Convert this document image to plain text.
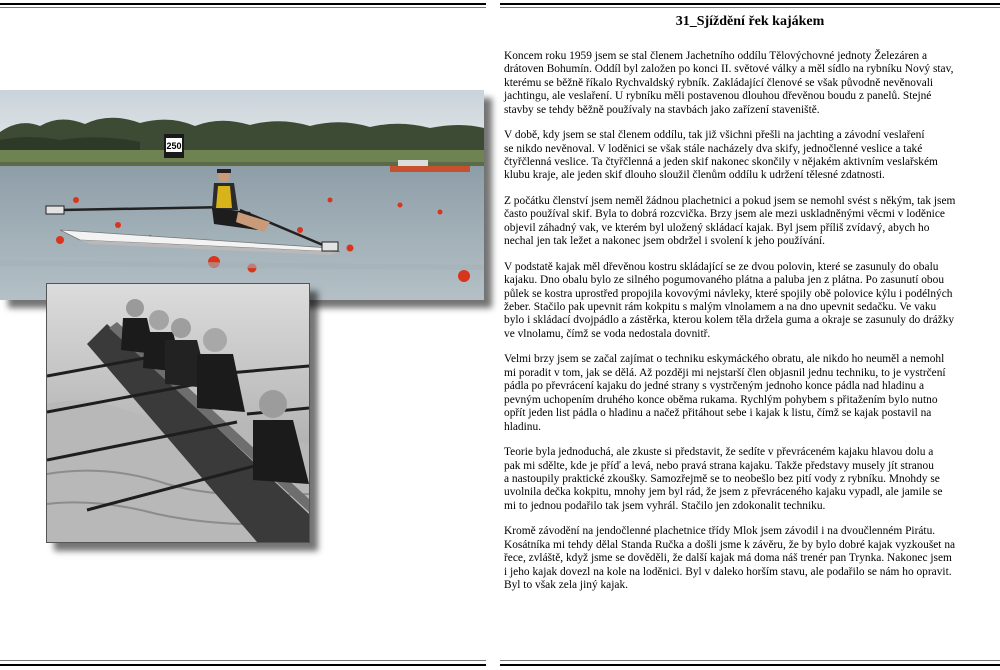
250
31_Sjíždění řek kajákem

Koncem roku 1959 jsem se stal členem Jachetního oddílu Tělovýchovné jednoty Železáren a
drátoven Bohumín. Oddíl byl založen po konci II. světové války a měl sídlo na rybníku Nový stav,
kterému se běžně říkalo Rychvaldský rybník. Zakládající členové se však původně nevěnovali
jachtingu, ale veslaření. U rybníku měli postavenou dlouhou dřevěnou boudu z panelů. Stejné
stavby se tehdy běžně používaly na stavbách jako zařízení staveniště.

V době, kdy jsem se stal členem oddílu, tak již všichni přešli na jachting a závodní veslaření
se nikdo nevěnoval. V loděnici se však stále nacházely dva skify, jednočlenné veslice a také
čtyřčlenná veslice. Ta čtyřčlenná a jeden skif nakonec skončily v nějakém aktivním veslařském
klubu kraje, ale jeden skif dlouho sloužil členům oddílu k udržení tělesné zdatnosti.

Z počátku členství jsem neměl žádnou plachetnici a pokud jsem se nemohl svést s někým, tak jsem
často používal skif. Byla to dobrá rozcvička. Brzy jsem ale mezi uskladněnými věcmi v loděnice
objevil záhadný vak, ve kterém byl uložený skládací kajak. Byl jsem příliš zvídavý, abych ho
nechal jen tak ležet a nakonec jsem obdržel i svolení k jeho používání.

V podstatě kajak měl dřevěnou kostru skládající se ze dvou polovin, které se zasunuly do obalu
kajaku. Dno obalu bylo ze silného pogumovaného plátna a paluba jen z plátna. Po zasunutí obou
půlek se kostra uprostřed propojila kovovými návleky, které spojily obě polovice kýlu i podélných
žeber. Stačilo pak upevnit rám kokpitu s malým vlnolamem a na dno upevnit sedačku. Ve vaku
bylo i skládací dvojpádlo a zástěrka, kterou kolem těla držela guma a okraje se zasunuly do drážky
ve vlnolamu, čímž se voda nedostala dovnitř.

Velmi brzy jsem se začal zajímat o techniku eskymáckého obratu, ale nikdo ho neuměl a nemohl
mi poradit v tom, jak se dělá. Až později mi nejstarší člen objasnil jednu techniku, to je vystrčení
pádla po převrácení kajaku do jedné strany s vystrčeným jednoho konce pádla nad hladinu a
pevným uchopením druhého konce oběma rukama. Rychlým pohybem s přitažením bylo nutno
opřít jeden list pádla o hladinu a načež přitáhout sebe i kajak k listu, čímž se kajak postavil na
hladinu.

Teorie byla jednoduchá, ale zkuste si představit, že sedíte v převráceném kajaku hlavou dolu a
pak mi sdělte, kde je příď a levá, nebo pravá strana kajaku. Takže představy musely jít stranou
a nastoupily praktické zkoušky. Samozřejmě se to neobešlo bez pití vody z rybníku. Mnohdy se
uvolnila dečka kokpitu, mnohy jem byl rád, že jsem z převráceného kajaku vypadl, ale jamile se
mi to jednou podařilo tak jsem vyhrál. Stačilo jen zdokonalit techniku.

Kromě závodění na jendočlenné plachetnice třídy Mlok jsem závodil i na dvoučlenném Pirátu.
Kosátníka mi tehdy dělal Standa Ručka a došli jsme k závěru, že by bylo dobré kajak vyzkoušet na
řece, zvláště, když jsme se dověděli, že další kajak má doma náš trenér pan Trynka. Nakonec jsem
i jeho kajak dovezl na kole na loděnici. Byl v daleko horším stavu, ale podařilo se nám ho opravit.
Byl to však zela jiný kajak.
